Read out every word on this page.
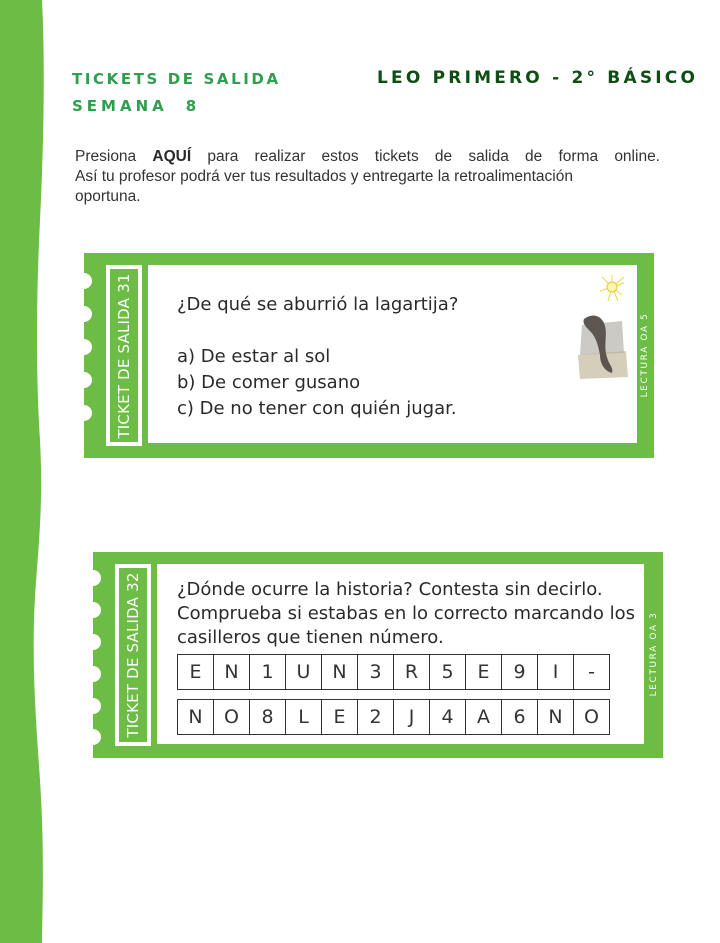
TICKETS DE SALIDA
SEMANA 8
LEO PRIMERO - 2° BÁSICO
Presiona AQUÍ para realizar estos tickets de salida de forma online.
Así tu profesor podrá ver tus resultados y entregarte la retroalimentación
oportuna.
TICKET DE SALIDA 31 ¿De qué se aburrió la lagartija?
a) De estar al sol
b) De comer gusano
c) De no tener con quién jugar.
LECTURA OA 5
TICKET DE SALIDA 32 ¿Dónde ocurre la historia? Contesta sin decirlo.
Comprueba si estabas en lo correcto marcando los
casilleros que tienen número.
E	N	1	U	N	3	R	5	E	9	I	-
N	O	8	L	E	2	J	4	A	6	N	O
LECTURA OA 3
